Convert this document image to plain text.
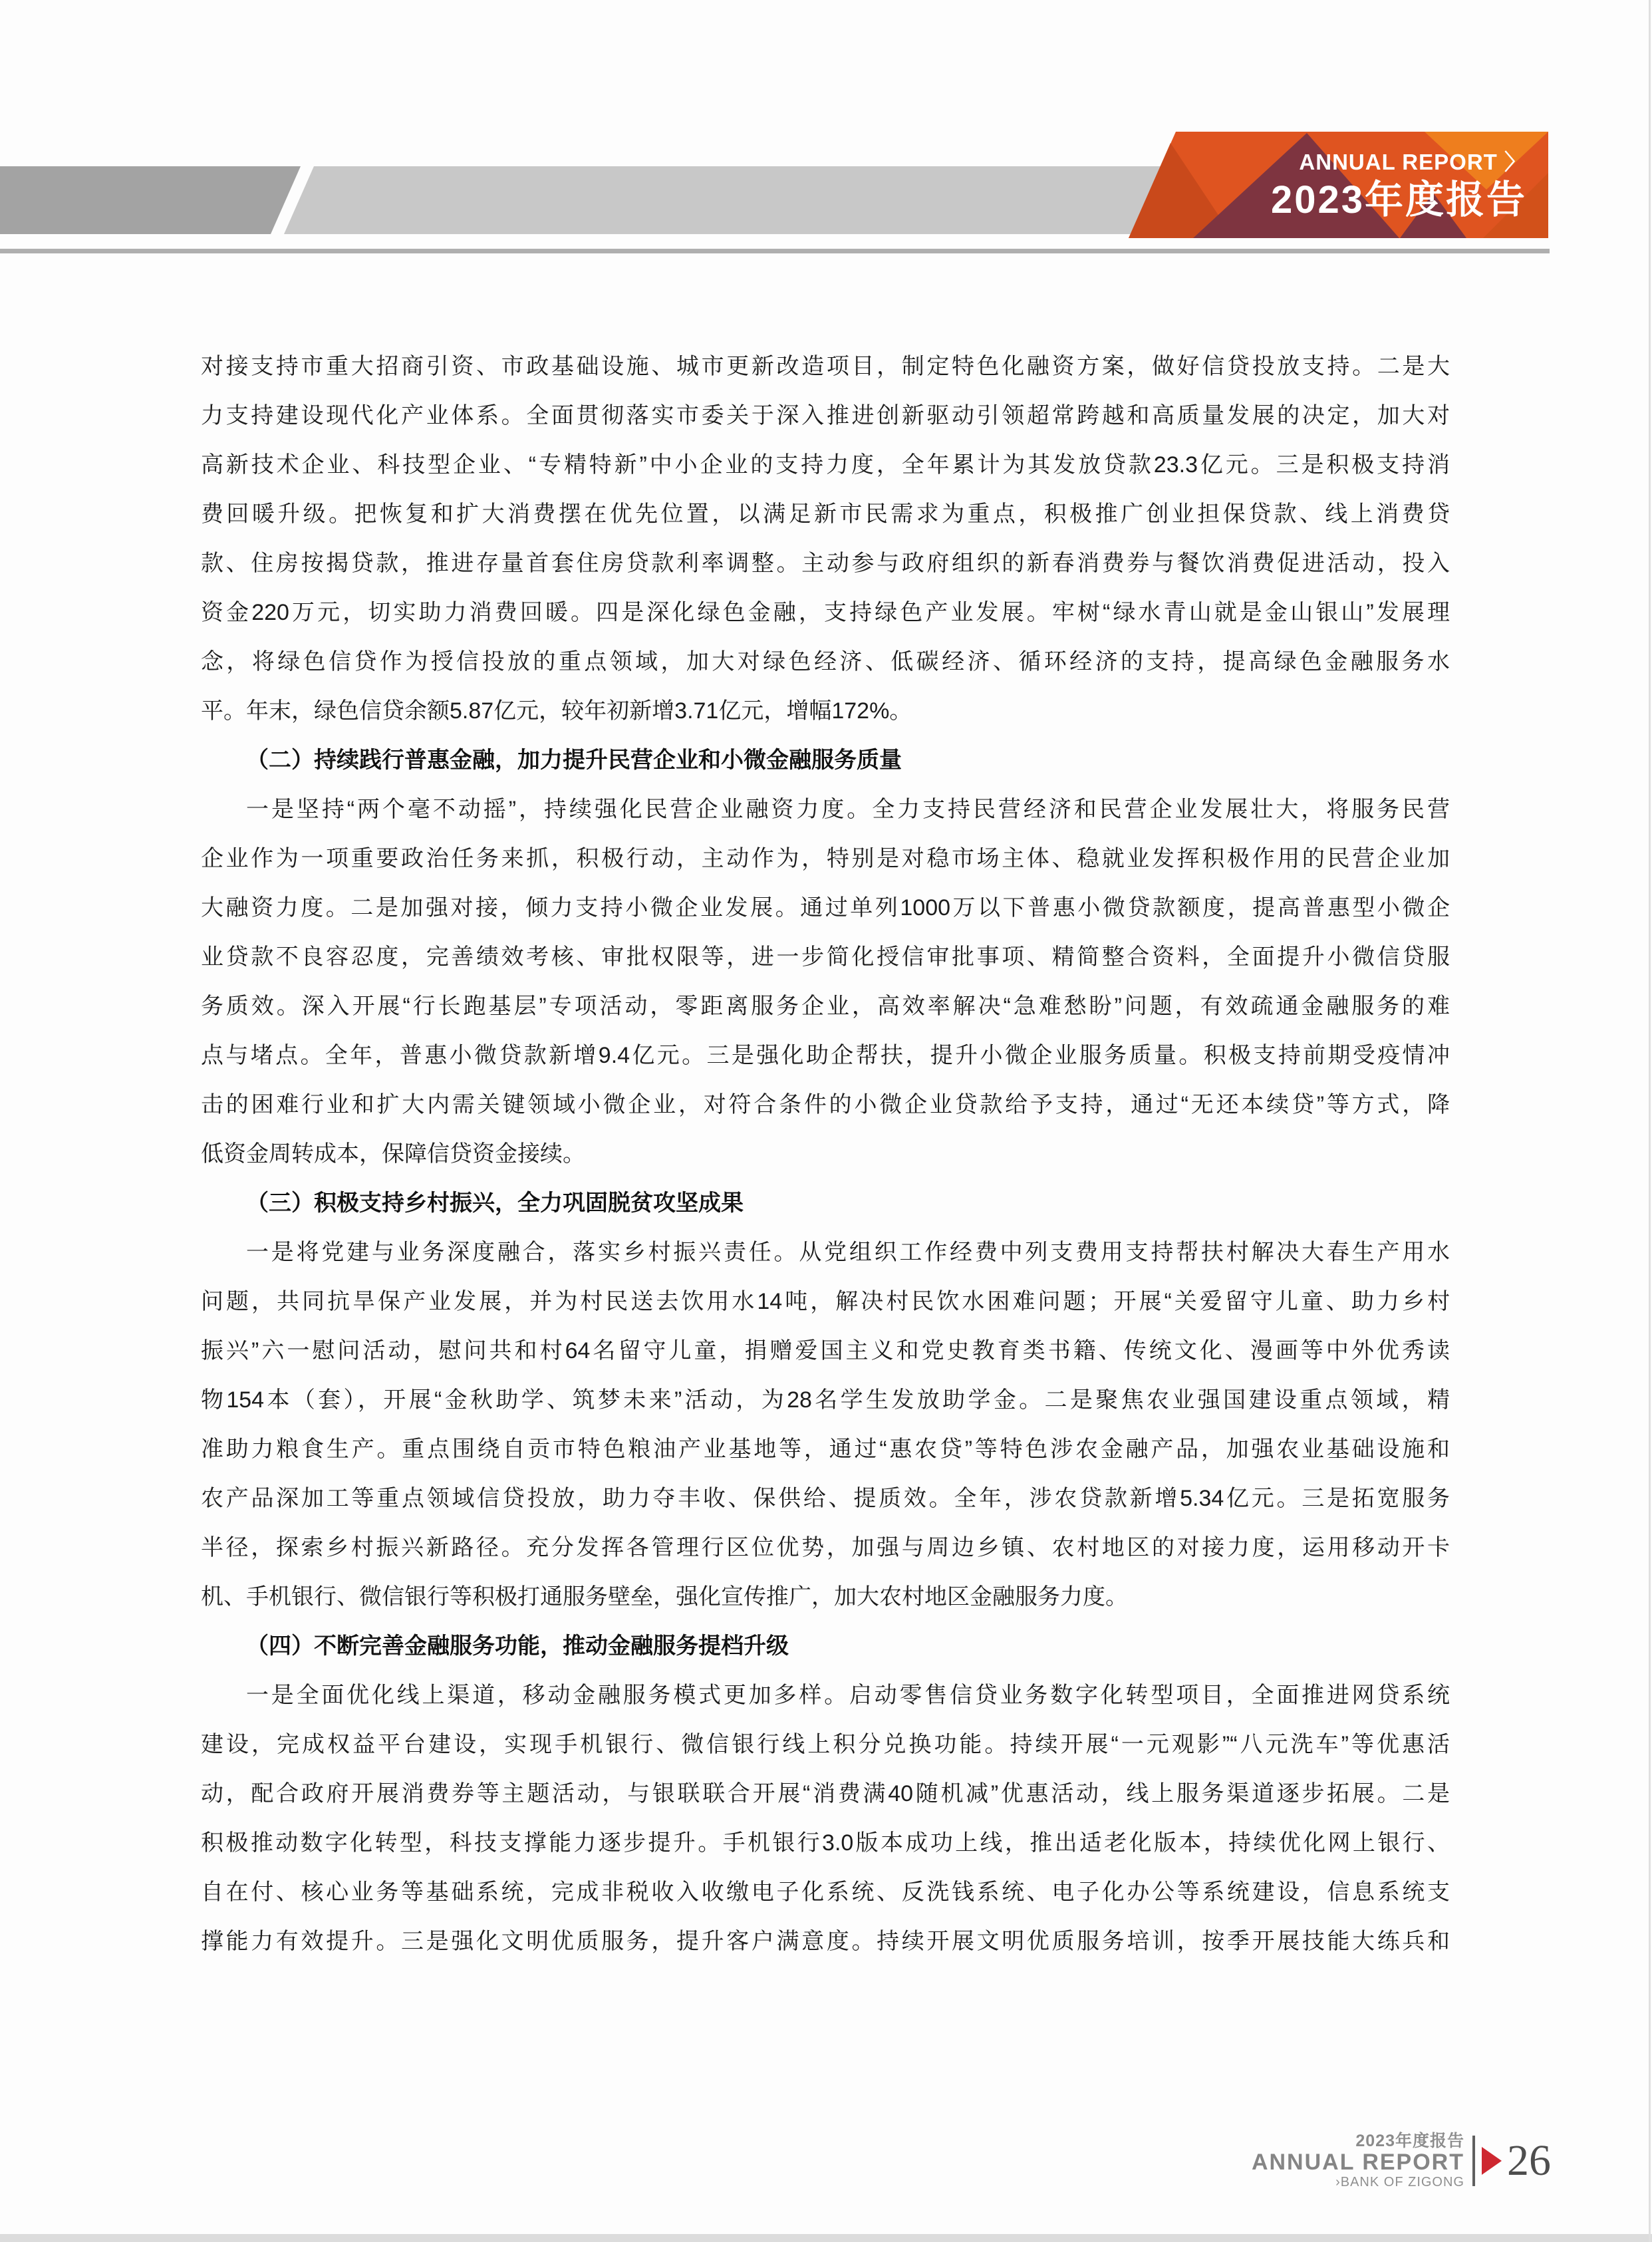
ANNUAL REPORT 〉
2023年度报告
对接支持市重大招商引资、市政基础设施、城市更新改造项目，制定特色化融资方案，做好信贷投放支持。二是大
力支持建设现代化产业体系。全面贯彻落实市委关于深入推进创新驱动引领超常跨越和高质量发展的决定，加大对
高新技术企业、科技型企业、“专精特新”中小企业的支持力度，全年累计为其发放贷款23.3亿元。三是积极支持消
费回暖升级。把恢复和扩大消费摆在优先位置，以满足新市民需求为重点，积极推广创业担保贷款、线上消费贷
款、住房按揭贷款，推进存量首套住房贷款利率调整。主动参与政府组织的新春消费券与餐饮消费促进活动，投入
资金220万元，切实助力消费回暖。四是深化绿色金融，支持绿色产业发展。牢树“绿水青山就是金山银山”发展理
念，将绿色信贷作为授信投放的重点领域，加大对绿色经济、低碳经济、循环经济的支持，提高绿色金融服务水
平。年末，绿色信贷余额5.87亿元，较年初新增3.71亿元，增幅172%。
（二）持续践行普惠金融，加力提升民营企业和小微金融服务质量
一是坚持“两个毫不动摇”，持续强化民营企业融资力度。全力支持民营经济和民营企业发展壮大，将服务民营
企业作为一项重要政治任务来抓，积极行动，主动作为，特别是对稳市场主体、稳就业发挥积极作用的民营企业加
大融资力度。二是加强对接，倾力支持小微企业发展。通过单列1000万以下普惠小微贷款额度，提高普惠型小微企
业贷款不良容忍度，完善绩效考核、审批权限等，进一步简化授信审批事项、精简整合资料，全面提升小微信贷服
务质效。深入开展“行长跑基层”专项活动，零距离服务企业，高效率解决“急难愁盼”问题，有效疏通金融服务的难
点与堵点。全年，普惠小微贷款新增9.4亿元。三是强化助企帮扶，提升小微企业服务质量。积极支持前期受疫情冲
击的困难行业和扩大内需关键领域小微企业，对符合条件的小微企业贷款给予支持，通过“无还本续贷”等方式，降
低资金周转成本，保障信贷资金接续。
（三）积极支持乡村振兴，全力巩固脱贫攻坚成果
一是将党建与业务深度融合，落实乡村振兴责任。从党组织工作经费中列支费用支持帮扶村解决大春生产用水
问题，共同抗旱保产业发展，并为村民送去饮用水14吨，解决村民饮水困难问题；开展“关爱留守儿童、助力乡村
振兴”六一慰问活动，慰问共和村64名留守儿童，捐赠爱国主义和党史教育类书籍、传统文化、漫画等中外优秀读
物154本（套），开展“金秋助学、筑梦未来”活动，为28名学生发放助学金。二是聚焦农业强国建设重点领域，精
准助力粮食生产。重点围绕自贡市特色粮油产业基地等，通过“惠农贷”等特色涉农金融产品，加强农业基础设施和
农产品深加工等重点领域信贷投放，助力夺丰收、保供给、提质效。全年，涉农贷款新增5.34亿元。三是拓宽服务
半径，探索乡村振兴新路径。充分发挥各管理行区位优势，加强与周边乡镇、农村地区的对接力度，运用移动开卡
机、手机银行、微信银行等积极打通服务壁垒，强化宣传推广，加大农村地区金融服务力度。
（四）不断完善金融服务功能，推动金融服务提档升级
一是全面优化线上渠道，移动金融服务模式更加多样。启动零售信贷业务数字化转型项目，全面推进网贷系统
建设，完成权益平台建设，实现手机银行、微信银行线上积分兑换功能。持续开展“一元观影”“八元洗车”等优惠活
动，配合政府开展消费券等主题活动，与银联联合开展“消费满40随机减”优惠活动，线上服务渠道逐步拓展。二是
积极推动数字化转型，科技支撑能力逐步提升。手机银行3.0版本成功上线，推出适老化版本，持续优化网上银行、
自在付、核心业务等基础系统，完成非税收入收缴电子化系统、反洗钱系统、电子化办公等系统建设，信息系统支
撑能力有效提升。三是强化文明优质服务，提升客户满意度。持续开展文明优质服务培训，按季开展技能大练兵和
2023年度报告
ANNUAL REPORT
›BANK OF ZIGONG 26
